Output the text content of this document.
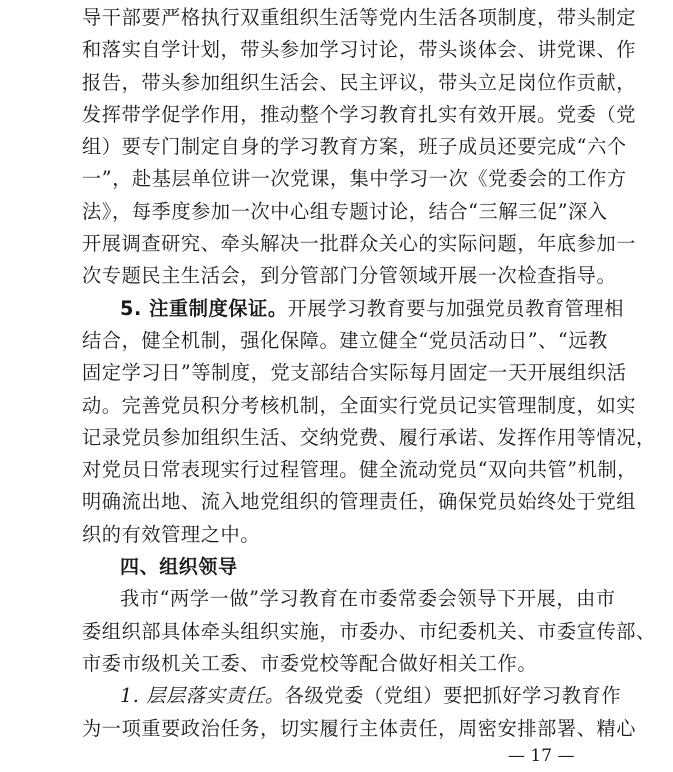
导干部要严格执行双重组织生活等党内生活各项制度，带头制定
和落实自学计划，带头参加学习讨论，带头谈体会、讲党课、作
报告，带头参加组织生活会、民主评议，带头立足岗位作贡献，
发挥带学促学作用，推动整个学习教育扎实有效开展。党委（党
组）要专门制定自身的学习教育方案，班子成员还要完成“六个
一”，赴基层单位讲一次党课，集中学习一次《党委会的工作方
法》，每季度参加一次中心组专题讨论，结合“三解三促”深入
开展调查研究、牵头解决一批群众关心的实际问题，年底参加一
次专题民主生活会，到分管部门分管领域开展一次检查指导。
5. 注重制度保证。开展学习教育要与加强党员教育管理相
结合，健全机制，强化保障。建立健全“党员活动日”、“远教
固定学习日”等制度，党支部结合实际每月固定一天开展组织活
动。完善党员积分考核机制，全面实行党员记实管理制度，如实
记录党员参加组织生活、交纳党费、履行承诺、发挥作用等情况，
对党员日常表现实行过程管理。健全流动党员“双向共管”机制，
明确流出地、流入地党组织的管理责任，确保党员始终处于党组
织的有效管理之中。
四、组织领导
我市“两学一做”学习教育在市委常委会领导下开展，由市
委组织部具体牵头组织实施，市委办、市纪委机关、市委宣传部、
市委市级机关工委、市委党校等配合做好相关工作。
1. 层层落实责任。各级党委（党组）要把抓好学习教育作
为一项重要政治任务，切实履行主体责任，周密安排部署、精心
— 17 —
